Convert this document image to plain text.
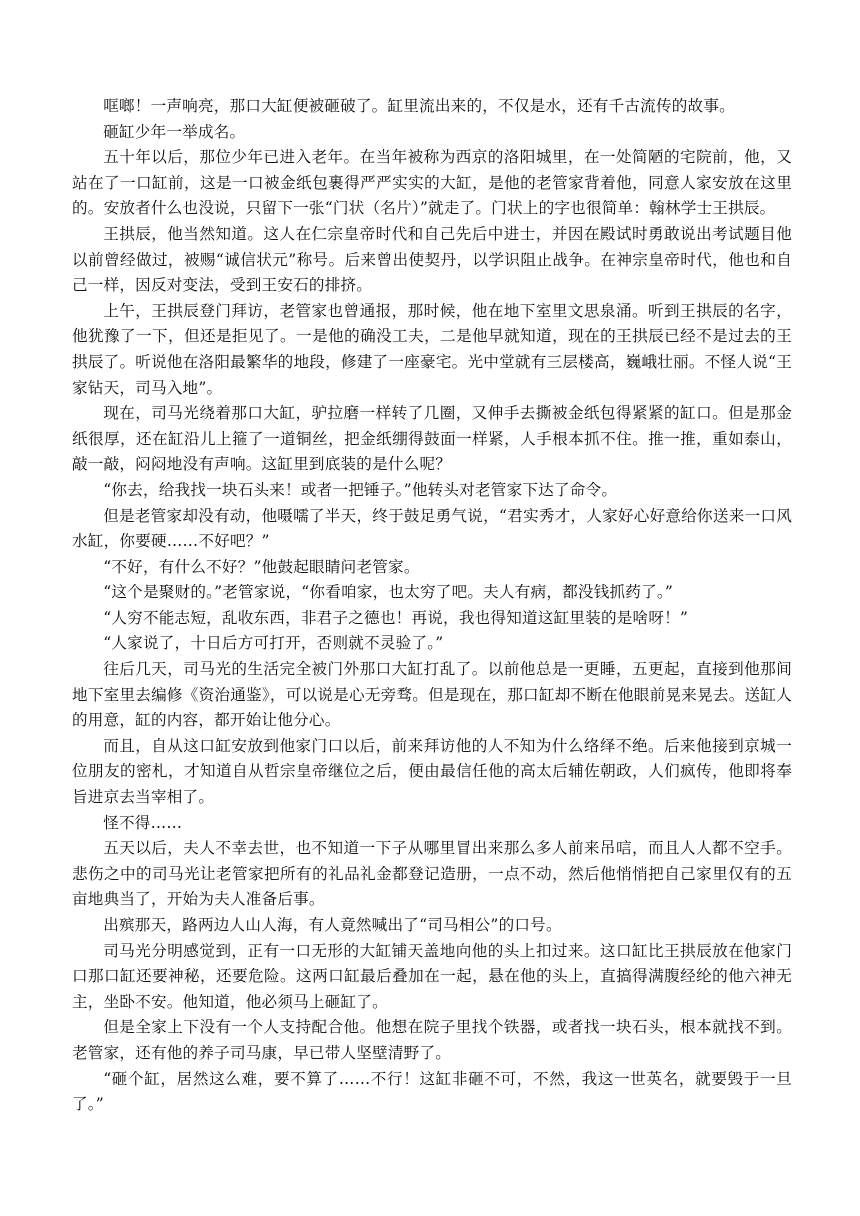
哐啷！一声响亮，那口大缸便被砸破了。缸里流出来的，不仅是水，还有千古流传的故事。

砸缸少年一举成名。

五十年以后，那位少年已进入老年。在当年被称为西京的洛阳城里，在一处简陋的宅院前，他，又站在了一口缸前，这是一口被金纸包裹得严严实实的大缸，是他的老管家背着他，同意人家安放在这里的。安放者什么也没说，只留下一张“门状（名片）”就走了。门状上的字也很简单：翰林学士王拱辰。

王拱辰，他当然知道。这人在仁宗皇帝时代和自己先后中进士，并因在殿试时勇敢说出考试题目他以前曾经做过，被赐“诚信状元”称号。后来曾出使契丹，以学识阻止战争。在神宗皇帝时代，他也和自己一样，因反对变法，受到王安石的排挤。

上午，王拱辰登门拜访，老管家也曾通报，那时候，他在地下室里文思泉涌。听到王拱辰的名字，他犹豫了一下，但还是拒见了。一是他的确没工夫，二是他早就知道，现在的王拱辰已经不是过去的王拱辰了。听说他在洛阳最繁华的地段，修建了一座豪宅。光中堂就有三层楼高，巍峨壮丽。不怪人说“王家钻天，司马入地”。

现在，司马光绕着那口大缸，驴拉磨一样转了几圈，又伸手去撕被金纸包得紧紧的缸口。但是那金纸很厚，还在缸沿儿上箍了一道铜丝，把金纸绷得鼓面一样紧，人手根本抓不住。推一推，重如泰山，敲一敲，闷闷地没有声响。这缸里到底装的是什么呢？

“你去，给我找一块石头来！或者一把锤子。”他转头对老管家下达了命令。

但是老管家却没有动，他嗫嚅了半天，终于鼓足勇气说，“君实秀才，人家好心好意给你送来一口风水缸，你要硬……不好吧？”

“不好，有什么不好？”他鼓起眼睛问老管家。

“这个是聚财的。”老管家说，“你看咱家，也太穷了吧。夫人有病，都没钱抓药了。”

“人穷不能志短，乱收东西，非君子之德也！再说，我也得知道这缸里装的是啥呀！”

“人家说了，十日后方可打开，否则就不灵验了。”

往后几天，司马光的生活完全被门外那口大缸打乱了。以前他总是一更睡，五更起，直接到他那间地下室里去编修《资治通鉴》，可以说是心无旁骛。但是现在，那口缸却不断在他眼前晃来晃去。送缸人的用意，缸的内容，都开始让他分心。

而且，自从这口缸安放到他家门口以后，前来拜访他的人不知为什么络绎不绝。后来他接到京城一位朋友的密札，才知道自从哲宗皇帝继位之后，便由最信任他的高太后辅佐朝政，人们疯传，他即将奉旨进京去当宰相了。

怪不得……

五天以后，夫人不幸去世，也不知道一下子从哪里冒出来那么多人前来吊唁，而且人人都不空手。悲伤之中的司马光让老管家把所有的礼品礼金都登记造册，一点不动，然后他悄悄把自己家里仅有的五亩地典当了，开始为夫人准备后事。

出殡那天，路两边人山人海，有人竟然喊出了“司马相公”的口号。

司马光分明感觉到，正有一口无形的大缸铺天盖地向他的头上扣过来。这口缸比王拱辰放在他家门口那口缸还要神秘，还要危险。这两口缸最后叠加在一起，悬在他的头上，直搞得满腹经纶的他六神无主，坐卧不安。他知道，他必须马上砸缸了。

但是全家上下没有一个人支持配合他。他想在院子里找个铁器，或者找一块石头，根本就找不到。老管家，还有他的养子司马康，早已带人坚壁清野了。

“砸个缸，居然这么难，要不算了……不行！这缸非砸不可，不然，我这一世英名，就要毁于一旦了。”
